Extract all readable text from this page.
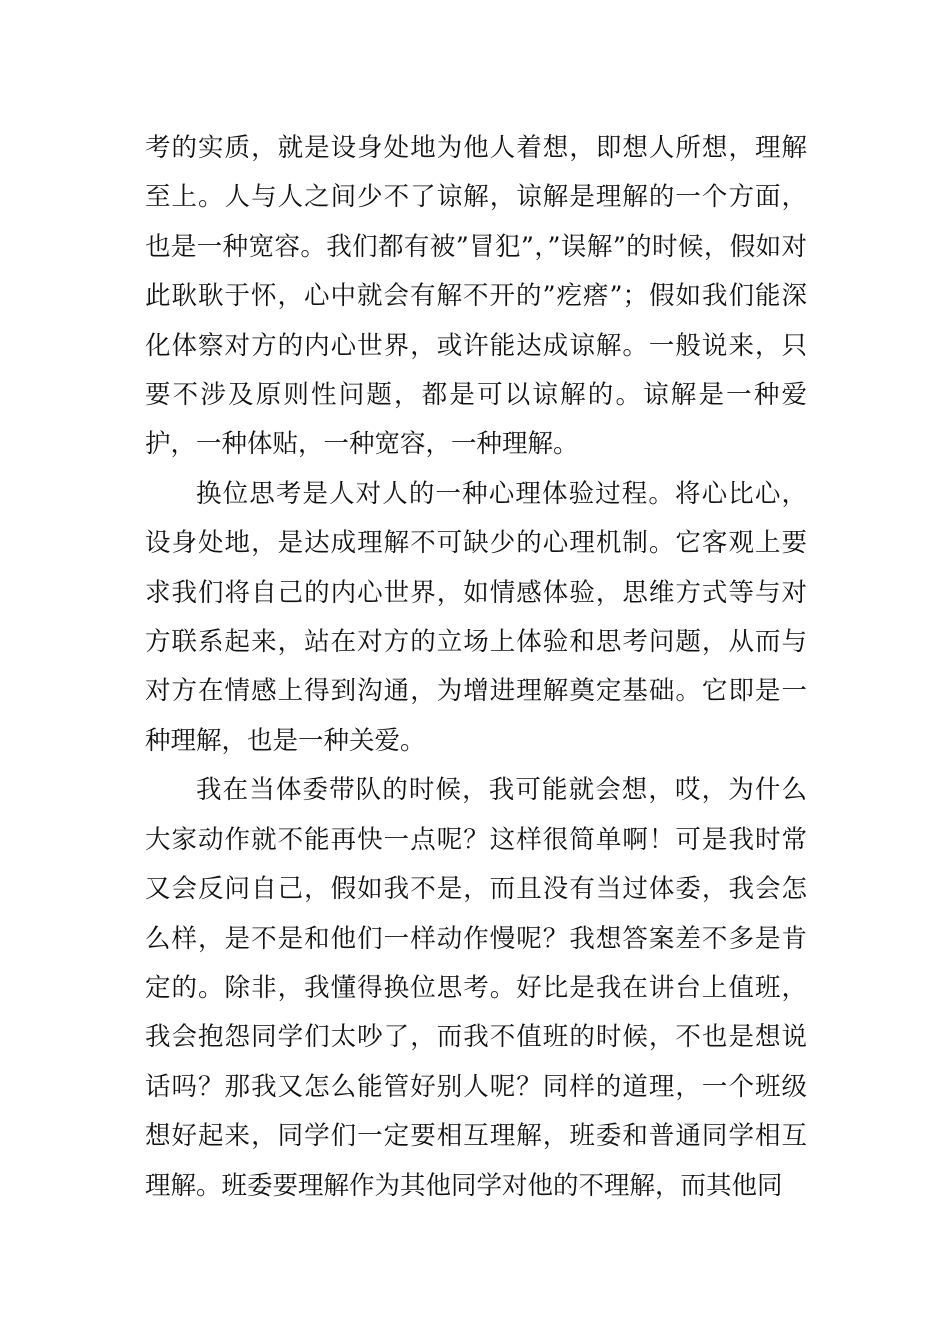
考的实质，就是设身处地为他人着想，即想人所想，理解至上。人与人之间少不了谅解，谅解是理解的一个方面，也是一种宽容。我们都有被”冒犯”，”误解”的时候，假如对此耿耿于怀，心中就会有解不开的”疙瘩”；假如我们能深化体察对方的内心世界，或许能达成谅解。一般说来，只要不涉及原则性问题，都是可以谅解的。谅解是一种爱护，一种体贴，一种宽容，一种理解。

换位思考是人对人的一种心理体验过程。将心比心，设身处地，是达成理解不可缺少的心理机制。它客观上要求我们将自己的内心世界，如情感体验，思维方式等与对方联系起来，站在对方的立场上体验和思考问题，从而与对方在情感上得到沟通，为增进理解奠定基础。它即是一种理解，也是一种关爱。

我在当体委带队的时候，我可能就会想，哎，为什么大家动作就不能再快一点呢？这样很简单啊！可是我时常又会反问自己，假如我不是，而且没有当过体委，我会怎么样，是不是和他们一样动作慢呢？我想答案差不多是肯定的。除非，我懂得换位思考。好比是我在讲台上值班，我会抱怨同学们太吵了，而我不值班的时候，不也是想说话吗？那我又怎么能管好别人呢？同样的道理，一个班级想好起来，同学们一定要相互理解，班委和普通同学相互理解。班委要理解作为其他同学对他的不理解，而其他同
